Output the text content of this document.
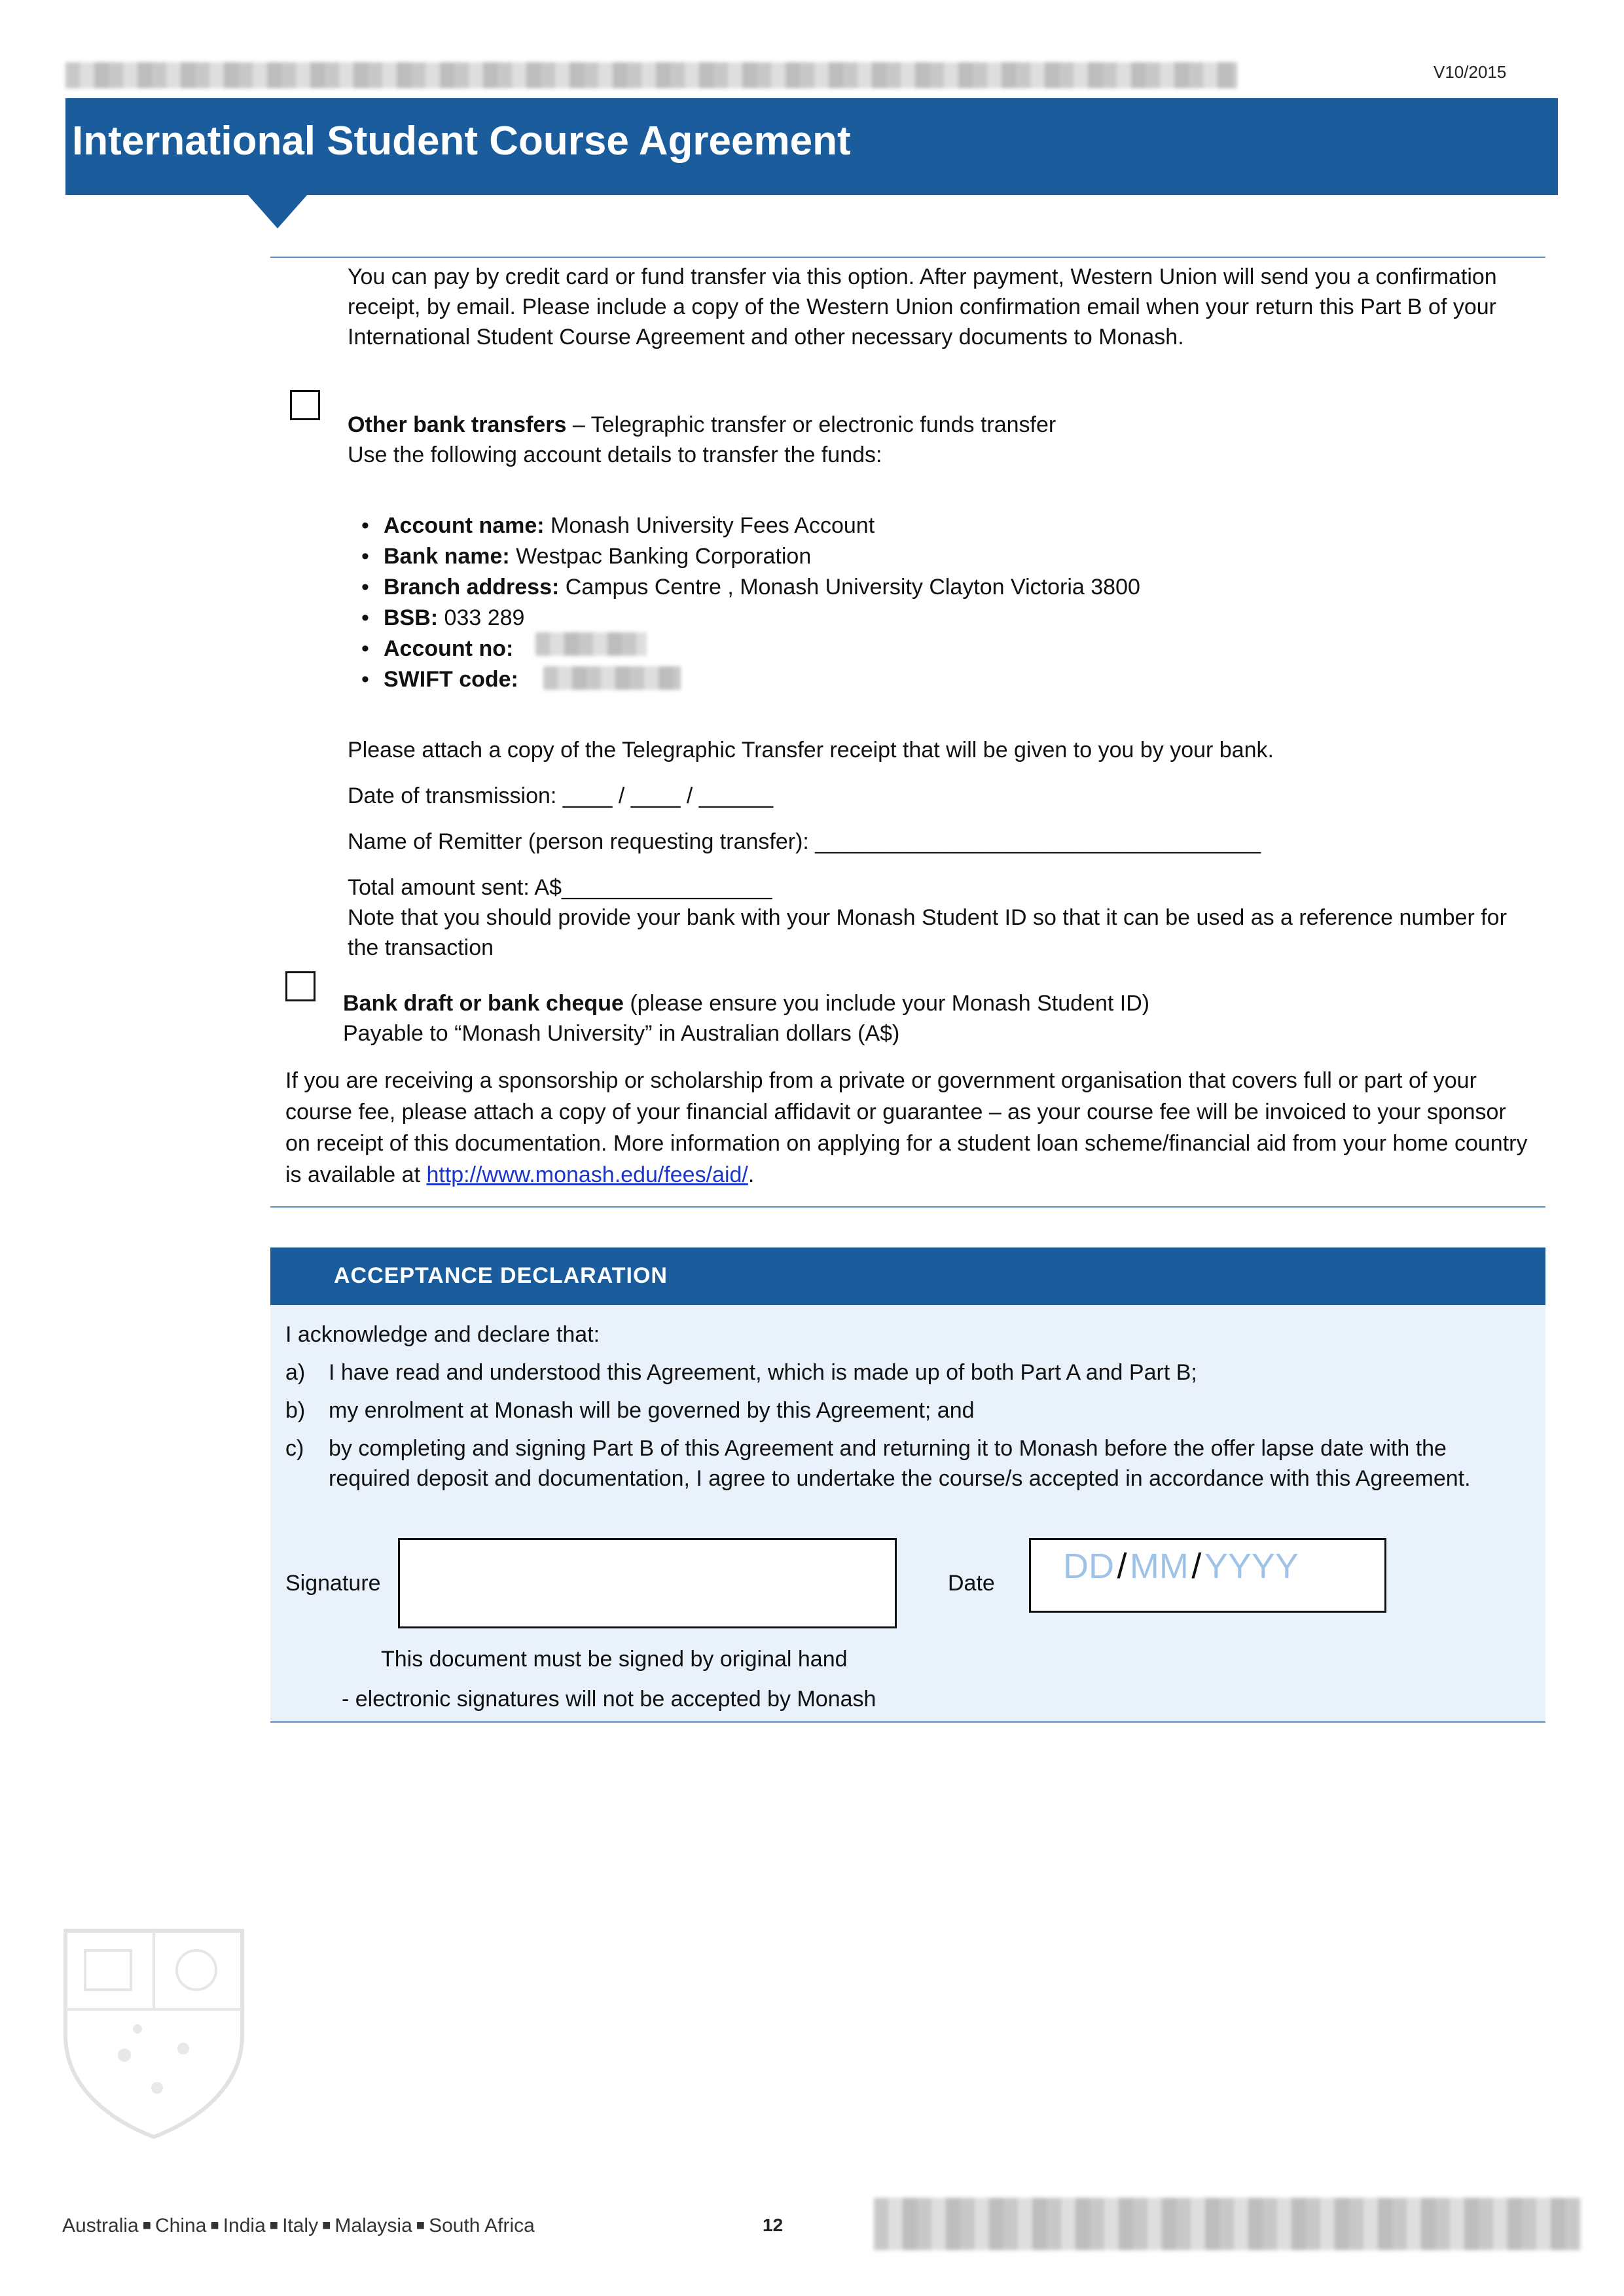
V10/2015
International Student Course Agreement
You can pay by credit card or fund transfer via this option. After payment, Western Union will send you a confirmation receipt, by email. Please include a copy of the Western Union confirmation email when your return this Part B of your International Student Course Agreement and other necessary documents to Monash.
Other bank transfers – Telegraphic transfer or electronic funds transfer
Use the following account details to transfer the funds:
• Account name: Monash University Fees Account
• Bank name: Westpac Banking Corporation
• Branch address: Campus Centre , Monash University Clayton Victoria 3800
• BSB: 033 289
• Account no:
• SWIFT code:
Please attach a copy of the Telegraphic Transfer receipt that will be given to you by your bank.
Date of transmission: ____ / ____ / ______
Name of Remitter (person requesting transfer): ____________________________________
Total amount sent: A$_________________
Note that you should provide your bank with your Monash Student ID so that it can be used as a reference number for the transaction
Bank draft or bank cheque (please ensure you include your Monash Student ID)
Payable to “Monash University” in Australian dollars (A$)
If you are receiving a sponsorship or scholarship from a private or government organisation that covers full or part of your course fee, please attach a copy of your financial affidavit or guarantee – as your course fee will be invoiced to your sponsor on receipt of this documentation. More information on applying for a student loan scheme/financial aid from your home country is available at http://www.monash.edu/fees/aid/.
ACCEPTANCE DECLARATION
I acknowledge and declare that:
a) I have read and understood this Agreement, which is made up of both Part A and Part B;
b) my enrolment at Monash will be governed by this Agreement; and
c) by completing and signing Part B of this Agreement and returning it to Monash before the offer lapse date with the required deposit and documentation, I agree to undertake the course/s accepted in accordance with this Agreement.
Signature	Date DD / MM / YYYY
This document must be signed by original hand
- electronic signatures will not be accepted by Monash
Australia ■ China ■ India ■ Italy ■ Malaysia ■ South Africa	12
